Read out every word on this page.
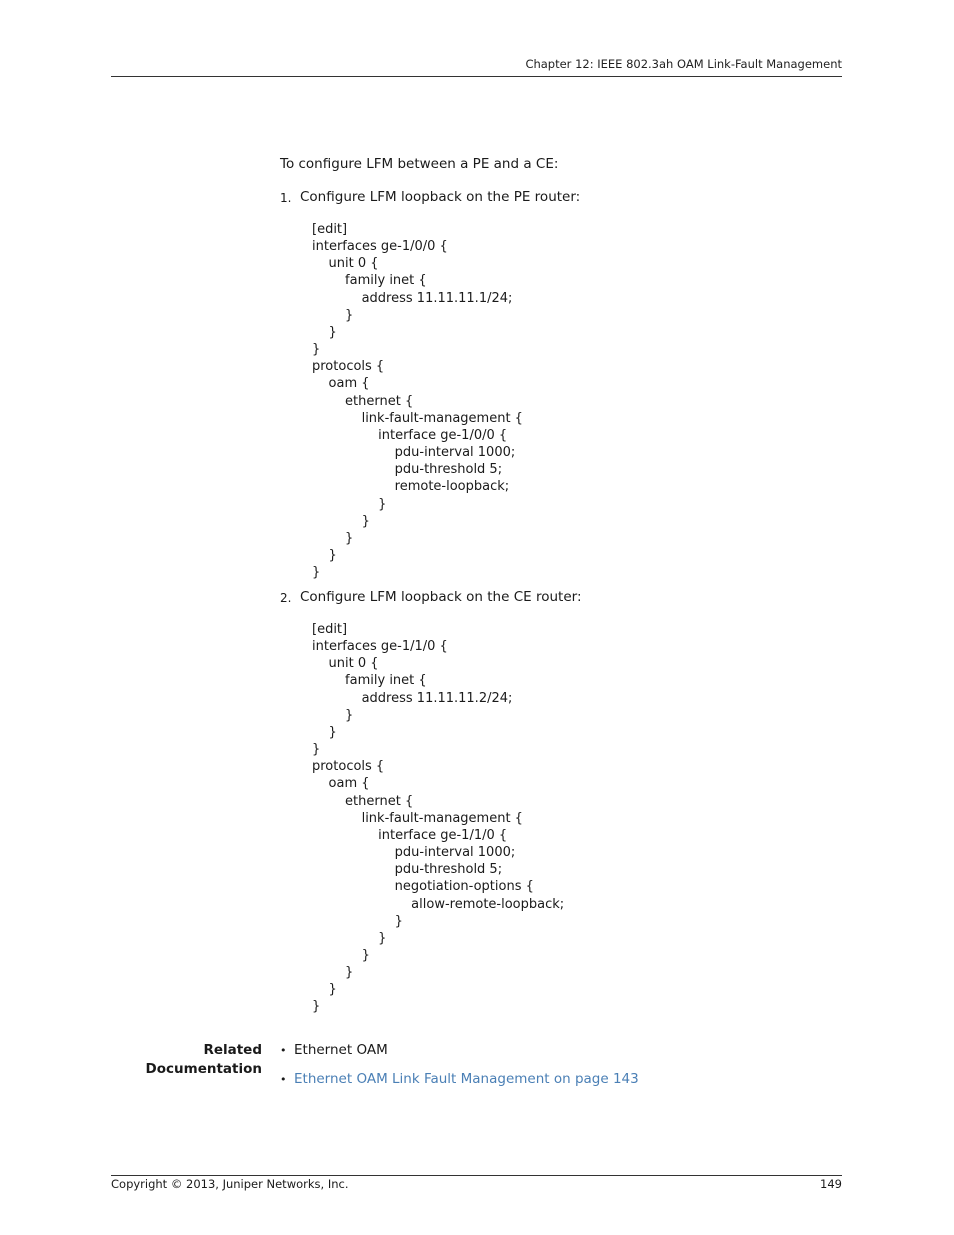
Chapter 12: IEEE 802.3ah OAM Link-Fault Management
To configure LFM between a PE and a CE:
1. Configure LFM loopback on the PE router:
[edit]
interfaces ge-1/0/0 {
unit 0 {
family inet {
address 11.11.11.1/24;
}
}
}
protocols {
oam {
ethernet {
link-fault-management {
interface ge-1/0/0 {
pdu-interval 1000;
pdu-threshold 5;
remote-loopback;
}
}
}
}
}
2. Configure LFM loopback on the CE router:
[edit]
interfaces ge-1/1/0 {
unit 0 {
family inet {
address 11.11.11.2/24;
}
}
}
protocols {
oam {
ethernet {
link-fault-management {
interface ge-1/1/0 {
pdu-interval 1000;
pdu-threshold 5;
negotiation-options {
allow-remote-loopback;
}
}
}
}
}
}
Related
Documentation
• Ethernet OAM
• Ethernet OAM Link Fault Management on page 143
Copyright © 2013, Juniper Networks, Inc.	149
